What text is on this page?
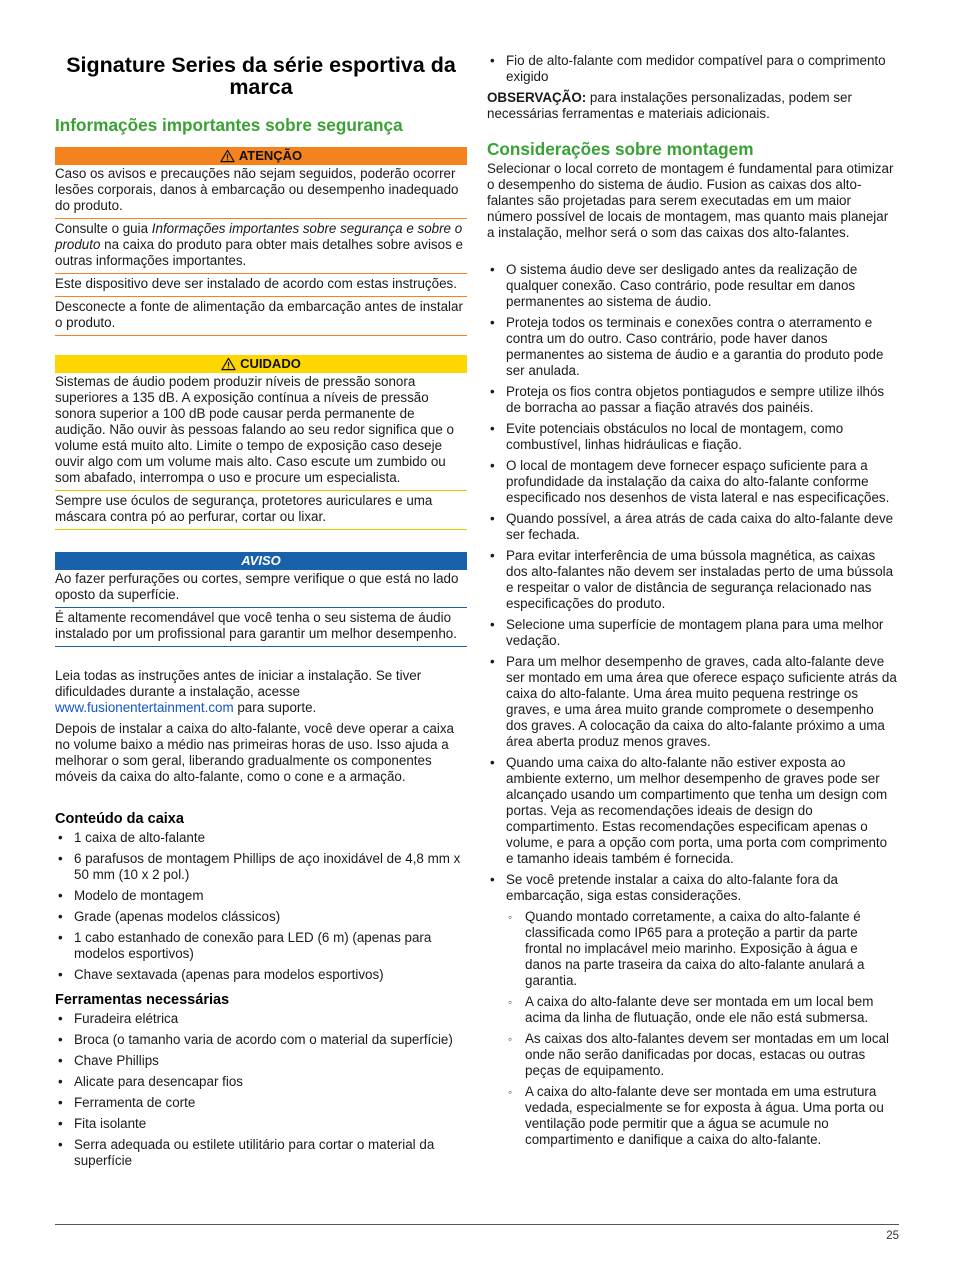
Signature Series da série esportiva da marca
Informações importantes sobre segurança
ATENÇÃO

Caso os avisos e precauções não sejam seguidos, poderão ocorrer lesões corporais, danos à embarcação ou desempenho inadequado do produto.

Consulte o guia Informações importantes sobre segurança e sobre o produto na caixa do produto para obter mais detalhes sobre avisos e outras informações importantes.

Este dispositivo deve ser instalado de acordo com estas instruções.

Desconecte a fonte de alimentação da embarcação antes de instalar o produto.

CUIDADO

Sistemas de áudio podem produzir níveis de pressão sonora superiores a 135 dB. A exposição contínua a níveis de pressão sonora superior a 100 dB pode causar perda permanente de audição. Não ouvir às pessoas falando ao seu redor significa que o volume está muito alto. Limite o tempo de exposição caso deseje ouvir algo com um volume mais alto. Caso escute um zumbido ou som abafado, interrompa o uso e procure um especialista.

Sempre use óculos de segurança, protetores auriculares e uma máscara contra pó ao perfurar, cortar ou lixar.

AVISO

Ao fazer perfurações ou cortes, sempre verifique o que está no lado oposto da superfície.

É altamente recomendável que você tenha o seu sistema de áudio instalado por um profissional para garantir um melhor desempenho.

Leia todas as instruções antes de iniciar a instalação. Se tiver dificuldades durante a instalação, acesse www.fusionentertainment.com para suporte.

Depois de instalar a caixa do alto-falante, você deve operar a caixa no volume baixo a médio nas primeiras horas de uso. Isso ajuda a melhorar o som geral, liberando gradualmente os componentes móveis da caixa do alto-falante, como o cone e a armação.

Conteúdo da caixa
• 1 caixa de alto-falante
• 6 parafusos de montagem Phillips de aço inoxidável de 4,8 mm x 50 mm (10 x 2 pol.)
• Modelo de montagem
• Grade (apenas modelos clássicos)
• 1 cabo estanhado de conexão para LED (6 m) (apenas para modelos esportivos)
• Chave sextavada (apenas para modelos esportivos)
Ferramentas necessárias
• Furadeira elétrica
• Broca (o tamanho varia de acordo com o material da superfície)
• Chave Phillips
• Alicate para desencapar fios
• Ferramenta de corte
• Fita isolante
• Serra adequada ou estilete utilitário para cortar o material da superfície
• Fio de alto-falante com medidor compatível para o comprimento exigido

OBSERVAÇÃO: para instalações personalizadas, podem ser necessárias ferramentas e materiais adicionais.

Considerações sobre montagem

Selecionar o local correto de montagem é fundamental para otimizar o desempenho do sistema de áudio. Fusion as caixas dos alto-falantes são projetadas para serem executadas em um maior número possível de locais de montagem, mas quanto mais planejar a instalação, melhor será o som das caixas dos alto-falantes.

• O sistema áudio deve ser desligado antes da realização de qualquer conexão. Caso contrário, pode resultar em danos permanentes ao sistema de áudio.
• Proteja todos os terminais e conexões contra o aterramento e contra um do outro. Caso contrário, pode haver danos permanentes ao sistema de áudio e a garantia do produto pode ser anulada.
• Proteja os fios contra objetos pontiagudos e sempre utilize ilhós de borracha ao passar a fiação através dos painéis.
• Evite potenciais obstáculos no local de montagem, como combustível, linhas hidráulicas e fiação.
• O local de montagem deve fornecer espaço suficiente para a profundidade da instalação da caixa do alto-falante conforme especificado nos desenhos de vista lateral e nas especificações.
• Quando possível, a área atrás de cada caixa do alto-falante deve ser fechada.
• Para evitar interferência de uma bússola magnética, as caixas dos alto-falantes não devem ser instaladas perto de uma bússola e respeitar o valor de distância de segurança relacionado nas especificações do produto.
• Selecione uma superfície de montagem plana para uma melhor vedação.
• Para um melhor desempenho de graves, cada alto-falante deve ser montado em uma área que oferece espaço suficiente atrás da caixa do alto-falante. Uma área muito pequena restringe os graves, e uma área muito grande compromete o desempenho dos graves. A colocação da caixa do alto-falante próximo a uma área aberta produz menos graves.
• Quando uma caixa do alto-falante não estiver exposta ao ambiente externo, um melhor desempenho de graves pode ser alcançado usando um compartimento que tenha um design com portas. Veja as recomendações ideais de design do compartimento. Estas recomendações especificam apenas o volume, e para a opção com porta, uma porta com comprimento e tamanho ideais também é fornecida.
• Se você pretende instalar a caixa do alto-falante fora da embarcação, siga estas considerações.
◦ Quando montado corretamente, a caixa do alto-falante é classificada como IP65 para a proteção a partir da parte frontal no implacável meio marinho. Exposição à água e danos na parte traseira da caixa do alto-falante anulará a garantia.
◦ A caixa do alto-falante deve ser montada em um local bem acima da linha de flutuação, onde ele não está submersa.
◦ As caixas dos alto-falantes devem ser montadas em um local onde não serão danificadas por docas, estacas ou outras peças de equipamento.
◦ A caixa do alto-falante deve ser montada em uma estrutura vedada, especialmente se for exposta à água. Uma porta ou ventilação pode permitir que a água se acumule no compartimento e danifique a caixa do alto-falante.
25
